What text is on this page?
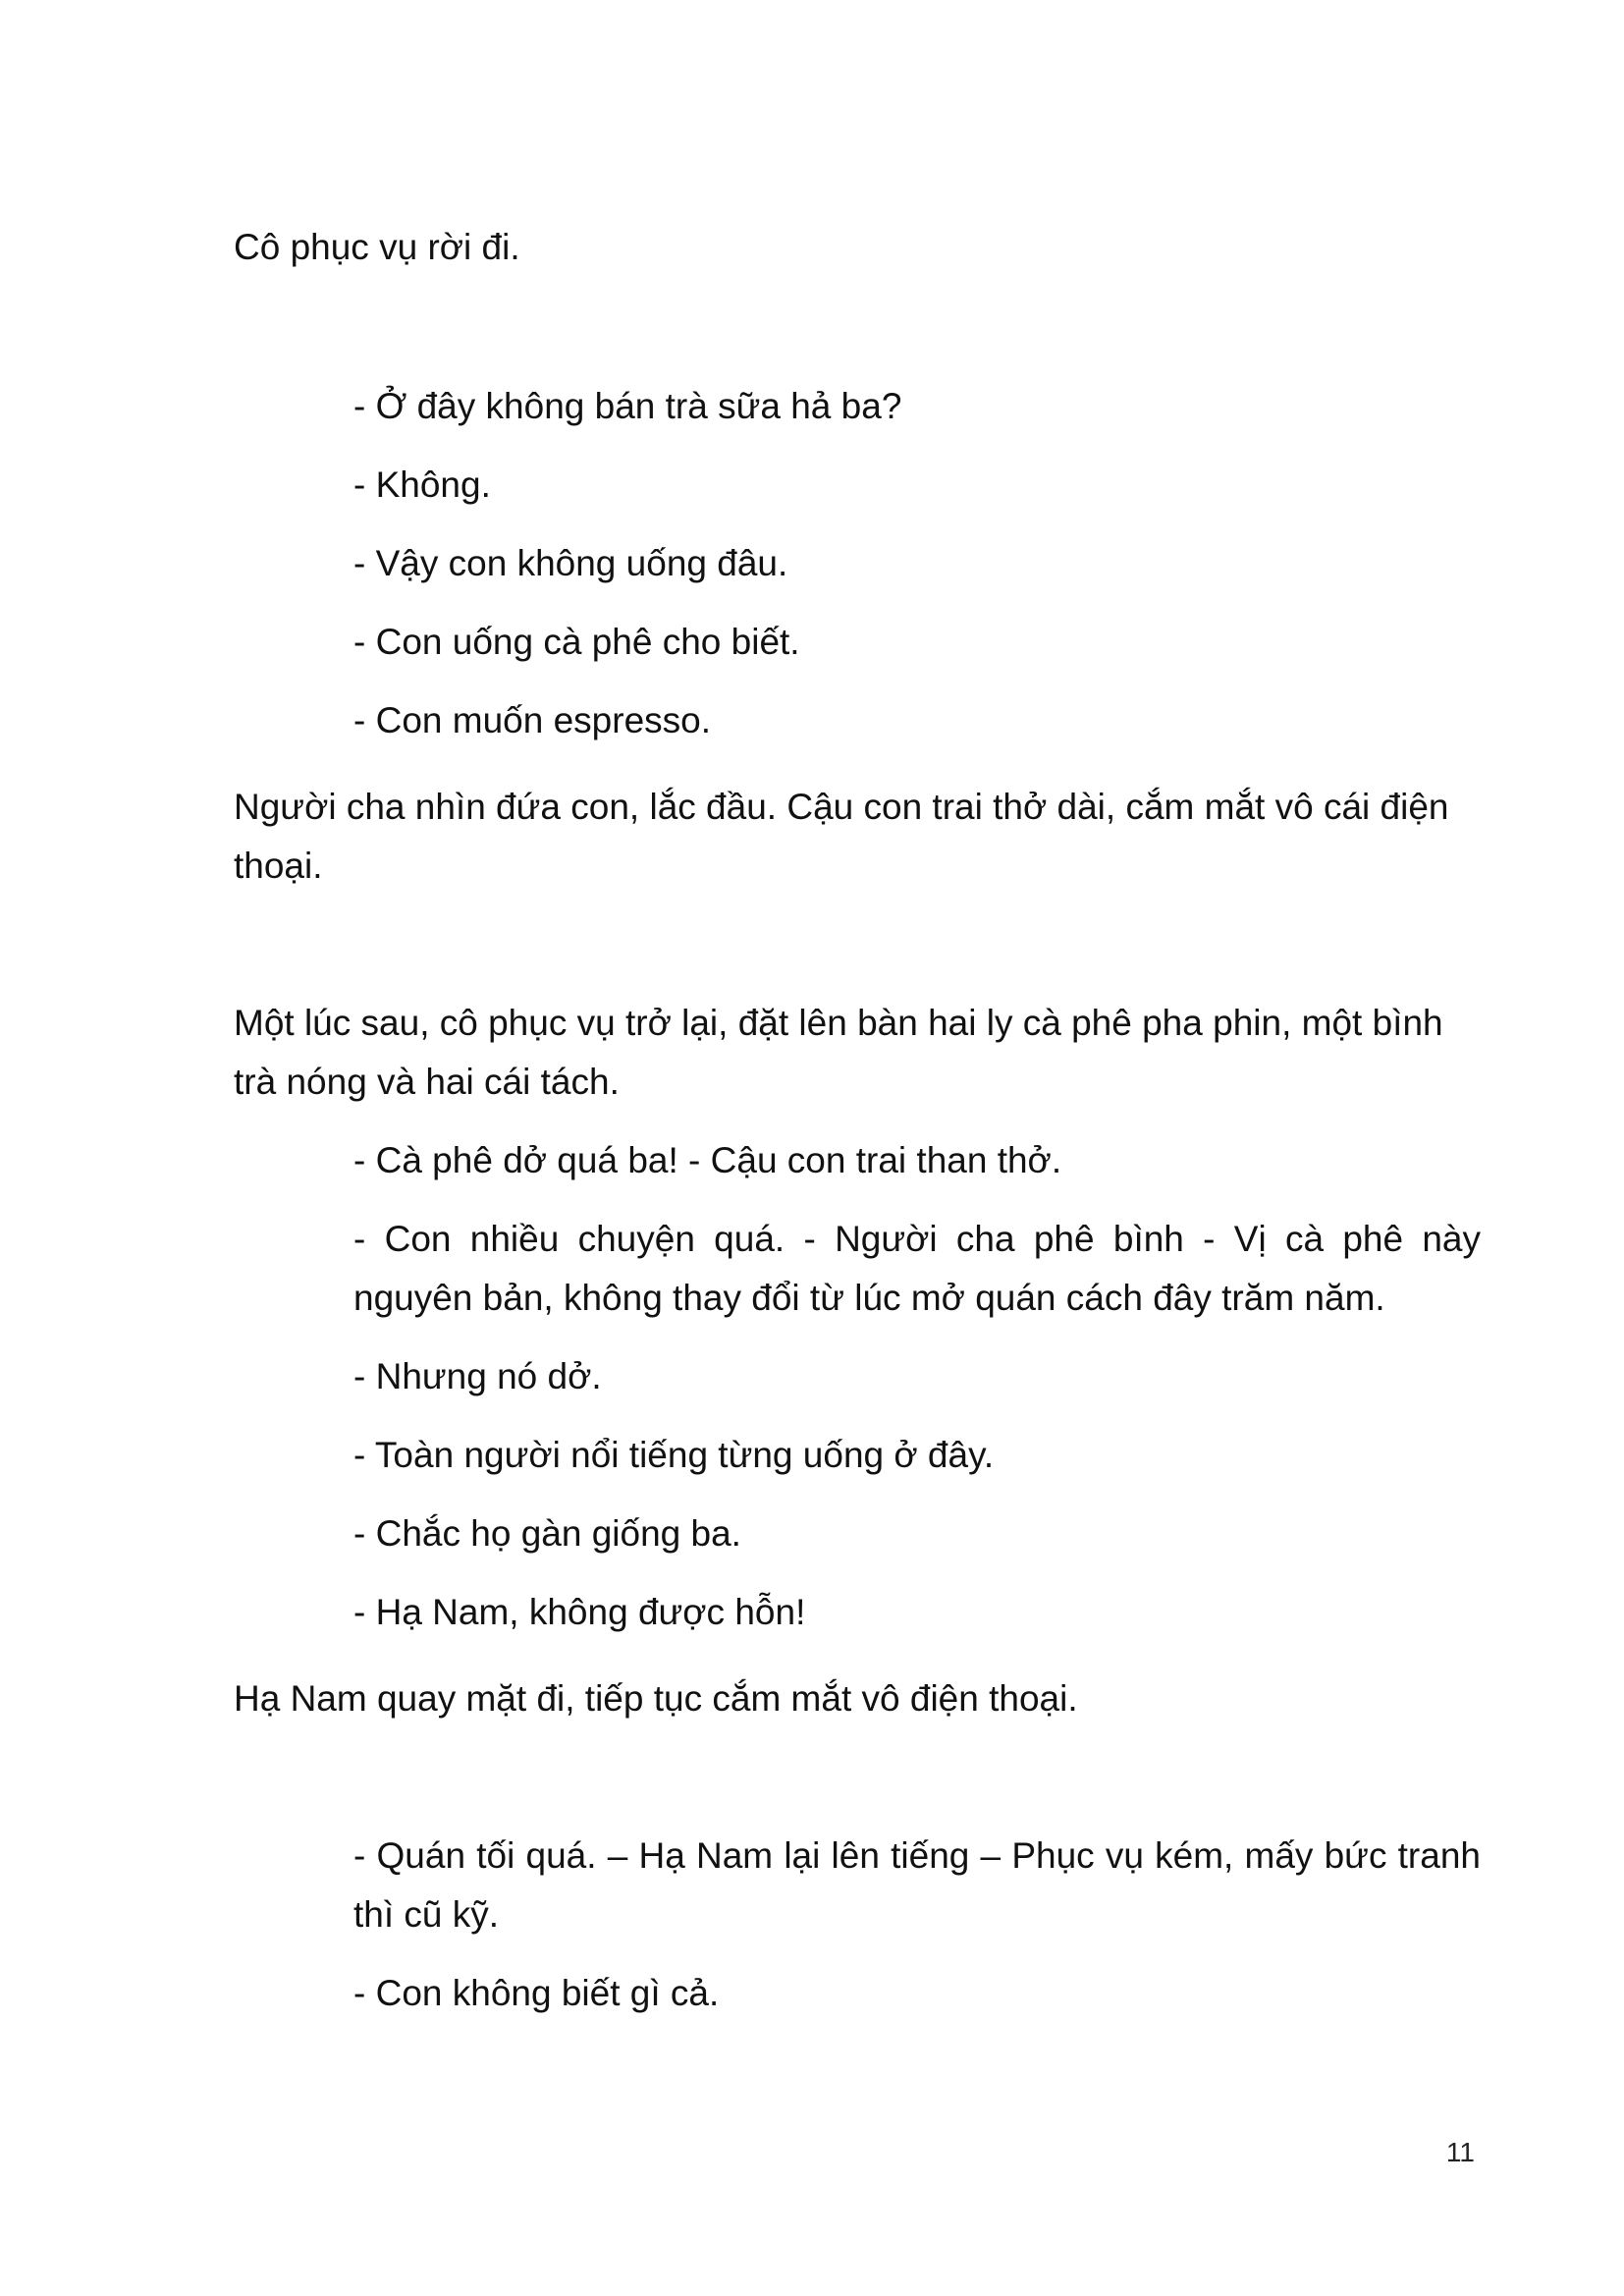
Cô phục vụ rời đi.

- Ở đây không bán trà sữa hả ba?

- Không.

- Vậy con không uống đâu.

- Con uống cà phê cho biết.

- Con muốn espresso.

Người cha nhìn đứa con, lắc đầu. Cậu con trai thở dài, cắm mắt vô cái điện thoại.

Một lúc sau, cô phục vụ trở lại, đặt lên bàn hai ly cà phê pha phin, một bình trà nóng và hai cái tách.

- Cà phê dở quá ba! - Cậu con trai than thở.

- Con nhiều chuyện quá. - Người cha phê bình - Vị cà phê này nguyên bản, không thay đổi từ lúc mở quán cách đây trăm năm.

- Nhưng nó dở.

- Toàn người nổi tiếng từng uống ở đây.

- Chắc họ gàn giống ba.

- Hạ Nam, không được hỗn!

Hạ Nam quay mặt đi, tiếp tục cắm mắt vô điện thoại.

- Quán tối quá. – Hạ Nam lại lên tiếng – Phục vụ kém, mấy bức tranh thì cũ kỹ.

- Con không biết gì cả.

11
